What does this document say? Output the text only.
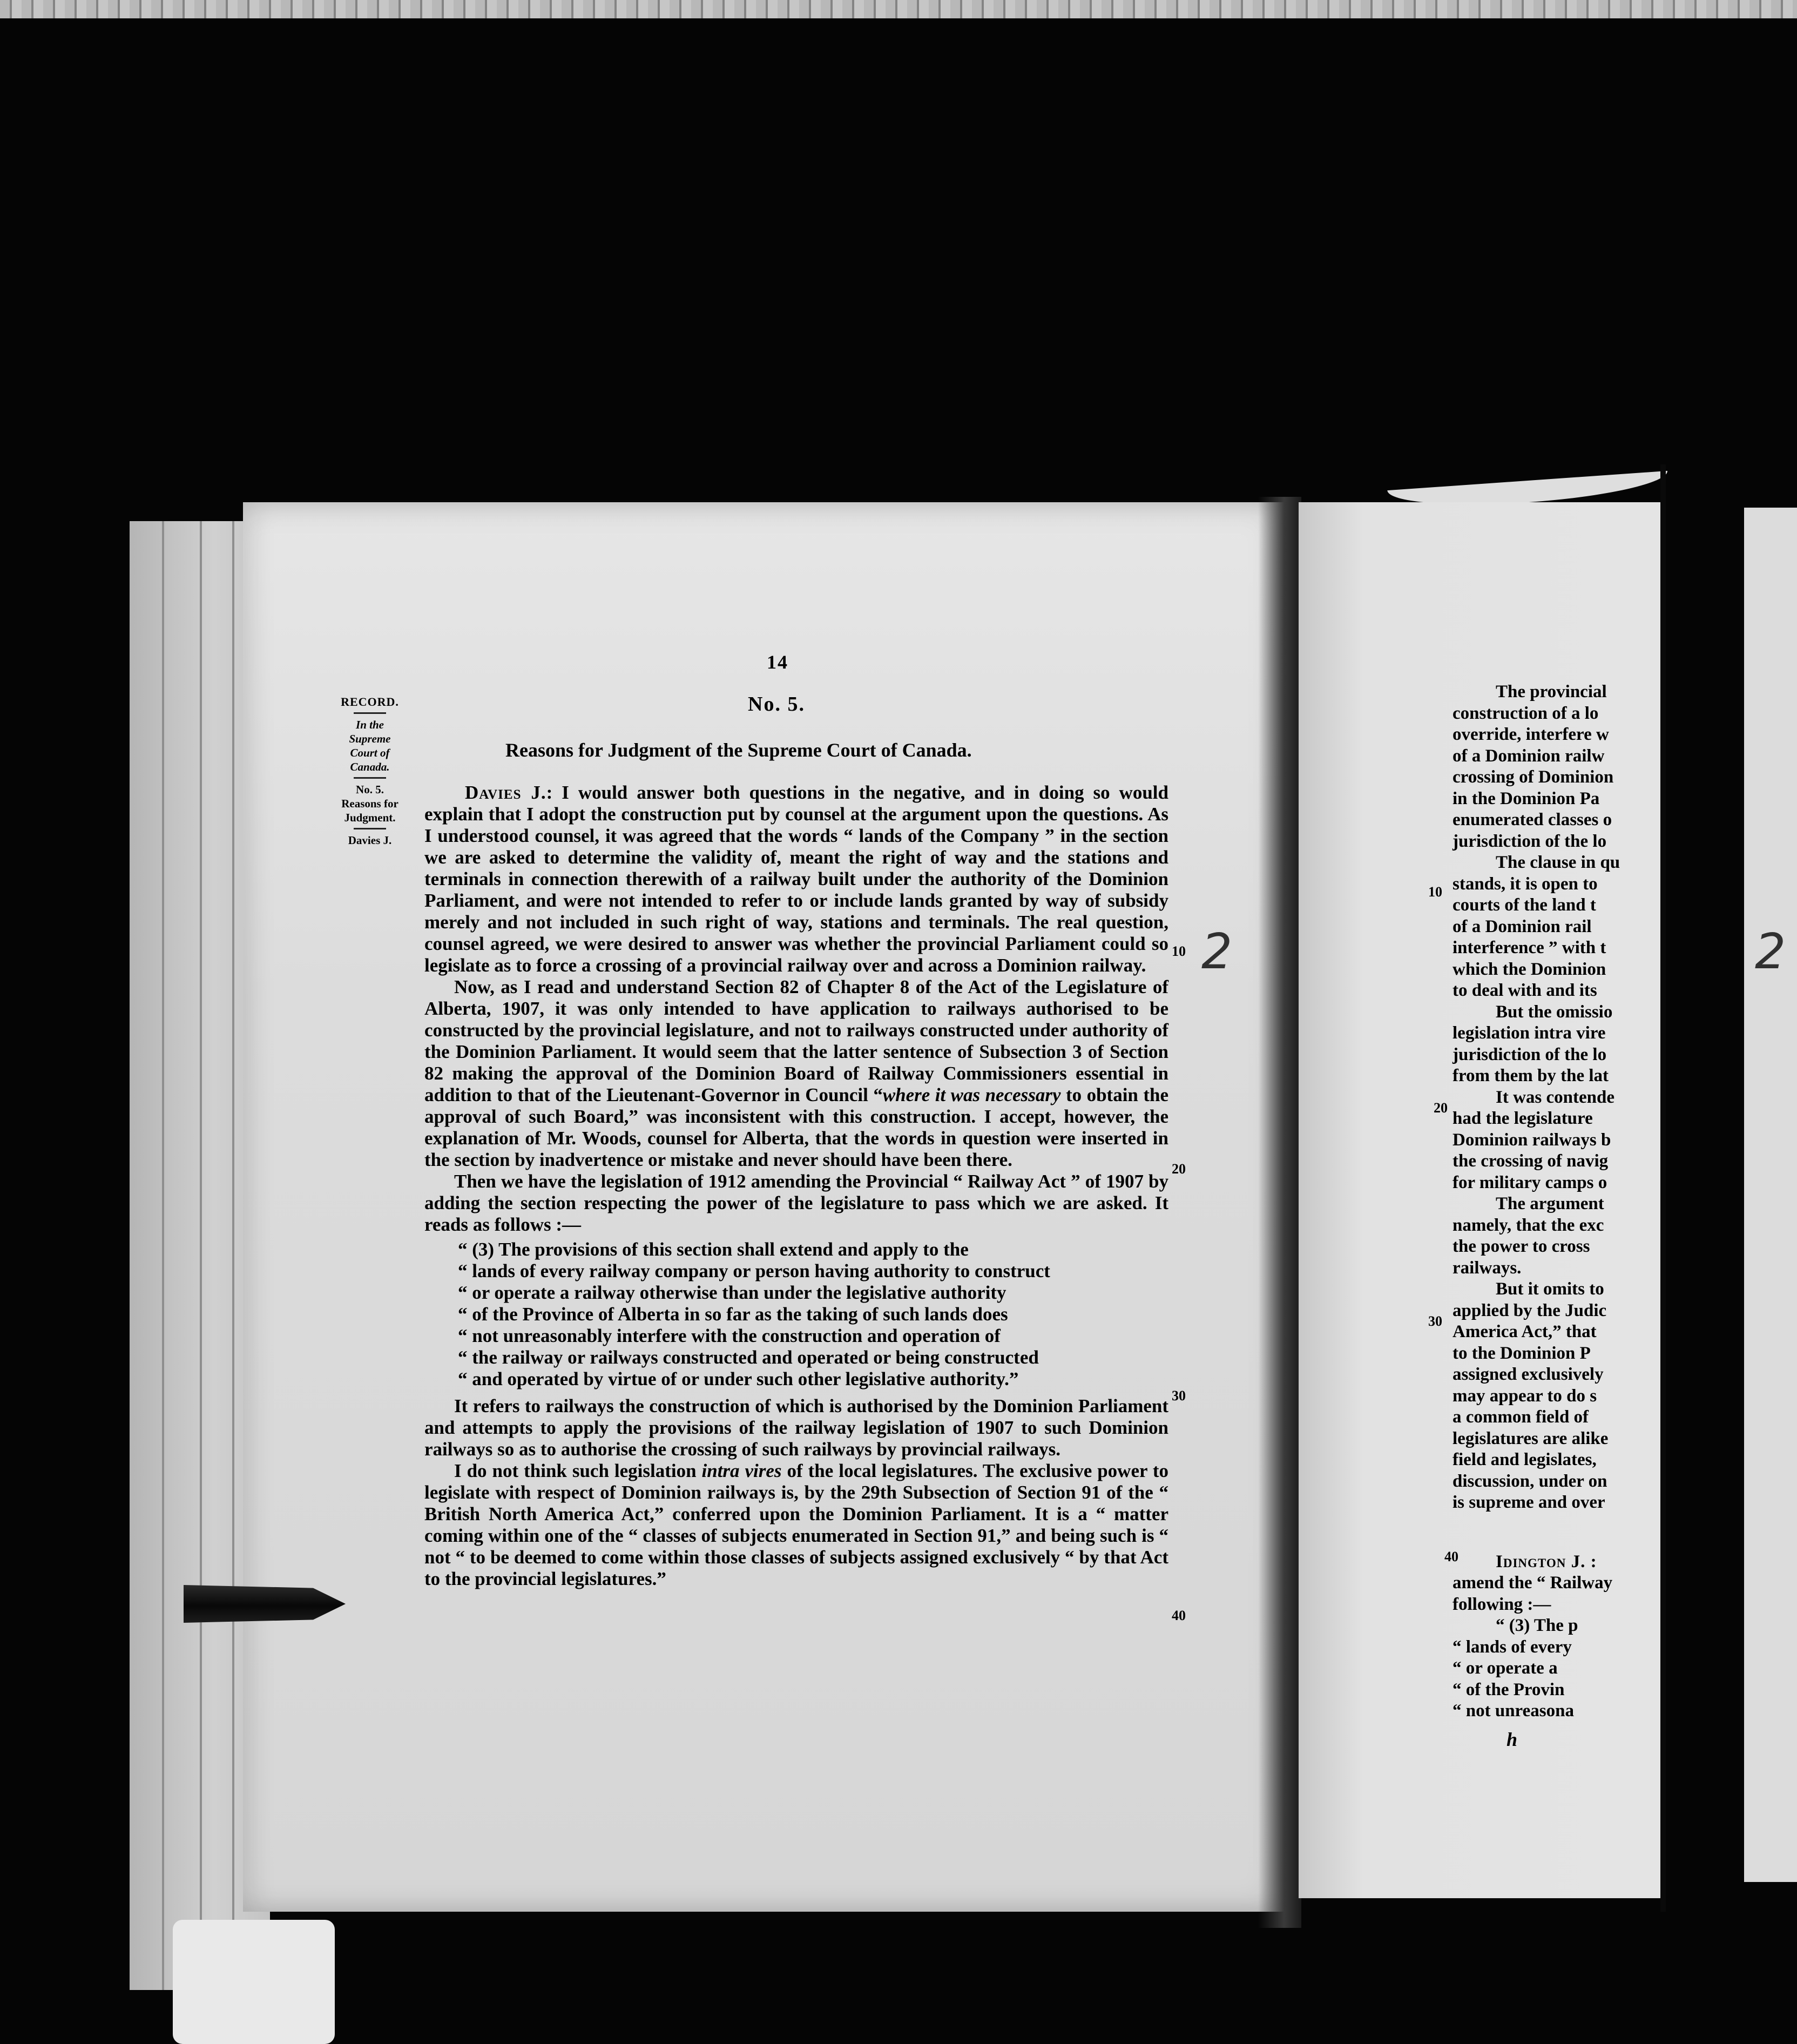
14
RECORD.
In the
Supreme
Court of
Canada.
No. 5.
Reasons for
Judgment.
Davies J.
No. 5.
Reasons for Judgment of the Supreme Court of Canada.

Davies J.: I would answer both questions in the negative, and in doing so would explain that I adopt the construction put by counsel at the argument upon the questions. As I understood counsel, it was agreed that the words “ lands of the Company ” in the section we are asked to determine the validity of, meant the right of way and the stations and terminals in connection therewith of a railway built under the authority of the Dominion Parliament, and were not intended to refer to or include lands granted by way of subsidy merely and not included in such right of way, stations and terminals. The real question, counsel agreed, we were desired to answer was whether the provincial Parliament could so legislate as to force a crossing of a provincial railway over and across a Dominion railway.

Now, as I read and understand Section 82 of Chapter 8 of the Act of the Legislature of Alberta, 1907, it was only intended to have application to railways authorised to be constructed by the provincial legislature, and not to railways constructed under authority of the Dominion Parliament. It would seem that the latter sentence of Subsection 3 of Section 82 making the approval of the Dominion Board of Railway Commissioners essential in addition to that of the Lieutenant-Governor in Council “where it was necessary to obtain the approval of such Board,” was inconsistent with this construction. I accept, however, the explanation of Mr. Woods, counsel for Alberta, that the words in question were inserted in the section by inadvertence or mistake and never should have been there.

Then we have the legislation of 1912 amending the Provincial “ Railway Act ” of 1907 by adding the section respecting the power of the legislature to pass which we are asked. It reads as follows :—

“ (3) The provisions of this section shall extend and apply to the
“ lands of every railway company or person having authority to construct
“ or operate a railway otherwise than under the legislative authority
“ of the Province of Alberta in so far as the taking of such lands does
“ not unreasonably interfere with the construction and operation of
“ the railway or railways constructed and operated or being constructed
“ and operated by virtue of or under such other legislative authority.”

It refers to railways the construction of which is authorised by the Dominion Parliament and attempts to apply the provisions of the railway legislation of 1907 to such Dominion railways so as to authorise the crossing of such railways by provincial railways.

I do not think such legislation intra vires of the local legislatures. The exclusive power to legislate with respect of Dominion railways is, by the 29th Subsection of Section 91 of the “ British North America Act,” conferred upon the Dominion Parliament. It is a “ matter coming within one of the “ classes of subjects enumerated in Section 91,” and being such is “ not “ to be deemed to come within those classes of subjects assigned exclusively “ by that Act to the provincial legislatures.”

10
20
30
40
2
The provincial
construction of a lo
override, interfere w
of a Dominion railw
crossing of Dominion
in the Dominion Pa
enumerated classes o
jurisdiction of the lo
The clause in qu
stands, it is open to
courts of the land t
of a Dominion rail
interference ” with t
which the Dominion
to deal with and its
But the omissio
legislation intra vire
jurisdiction of the lo
from them by the lat
It was contende
had the legislature
Dominion railways b
the crossing of navig
for military camps o
The argument
namely, that the exc
the power to cross
railways.
But it omits to
applied by the Judic
America Act,” that
to the Dominion P
assigned exclusively
may appear to do s
a common field of
legislatures are alike
field and legislates,
discussion, under on
is supreme and over
Idington J. :
amend the “ Railway
following :—
“ (3) The p
“ lands of every
“ or operate a
“ of the Provin
“ not unreasona
10
20
30
40
h
2
